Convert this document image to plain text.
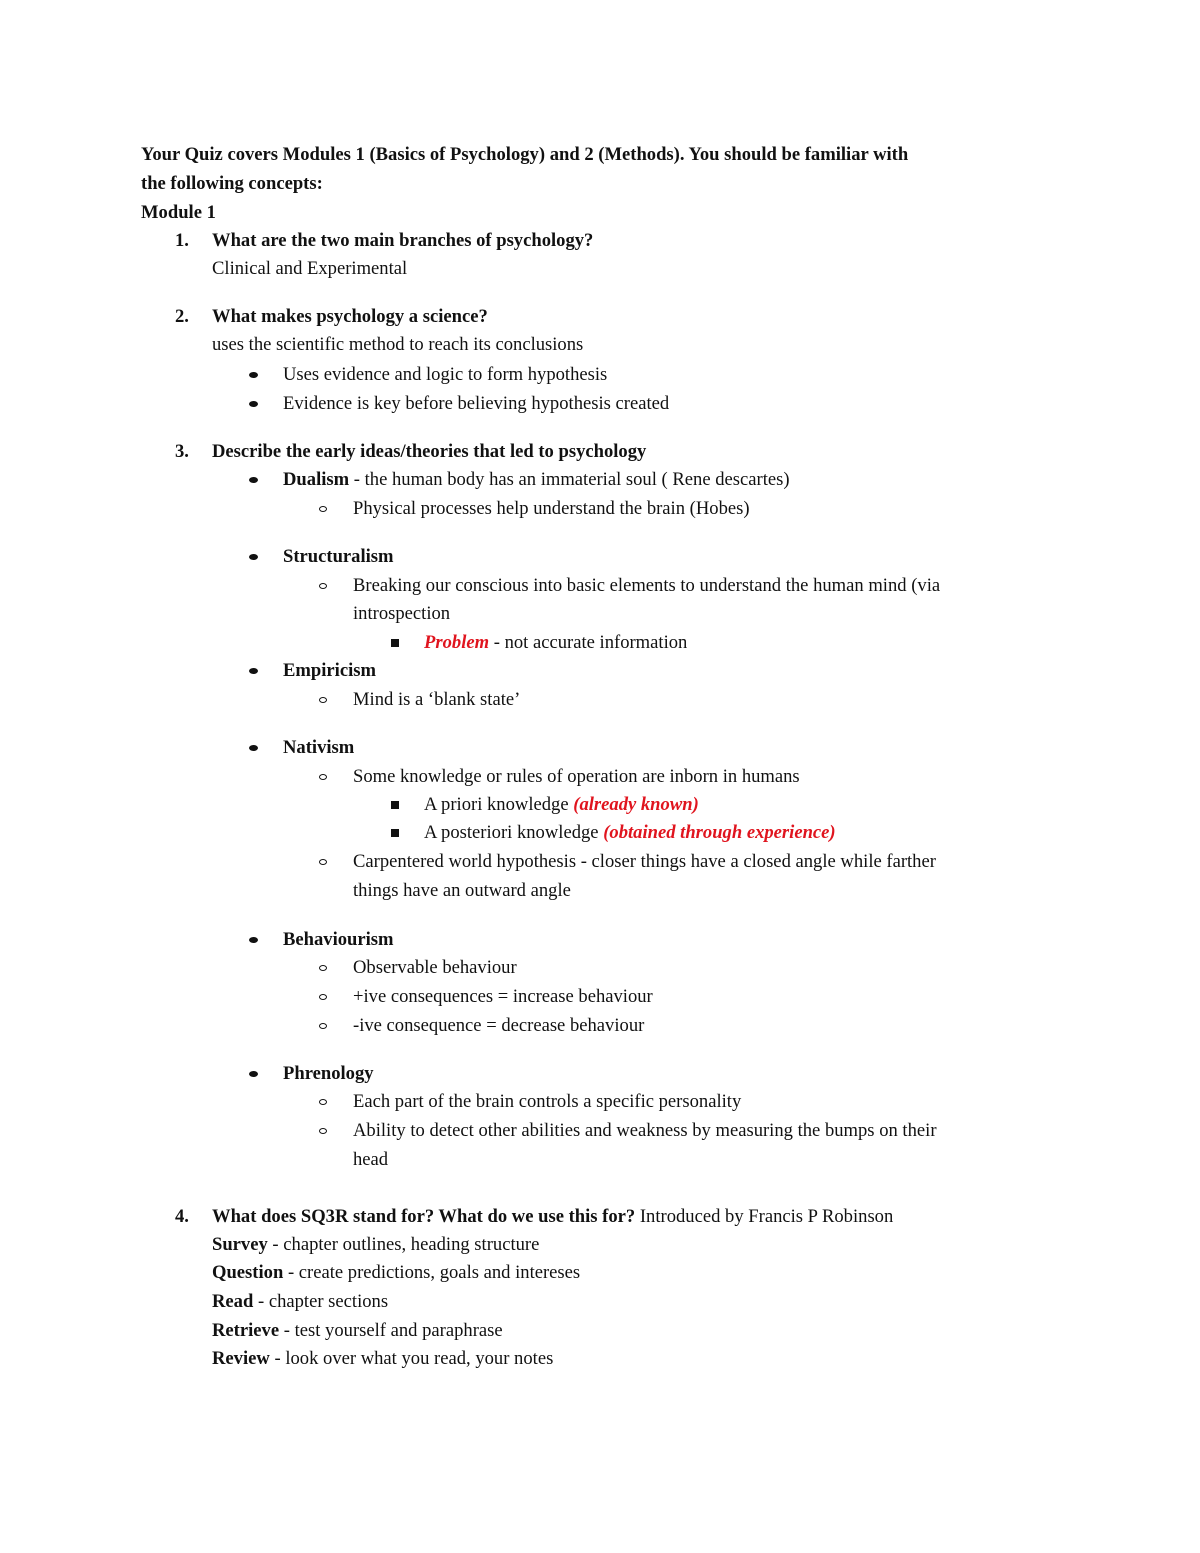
Your Quiz covers Modules 1 (Basics of Psychology) and 2 (Methods). You should be familiar with
the following concepts:
Module 1
1. What are the two main branches of psychology?
Clinical and Experimental
2. What makes psychology a science?
uses the scientific method to reach its conclusions
Uses evidence and logic to form hypothesis
Evidence is key before believing hypothesis created
3. Describe the early ideas/theories that led to psychology
Dualism - the human body has an immaterial soul ( Rene descartes)
Physical processes help understand the brain (Hobes)
Structuralism
Breaking our conscious into basic elements to understand the human mind (via
introspection
Problem - not accurate information
Empiricism
Mind is a ‘blank state’
Nativism
Some knowledge or rules of operation are inborn in humans
A priori knowledge (already known)
A posteriori knowledge (obtained through experience)
Carpentered world hypothesis - closer things have a closed angle while farther
things have an outward angle
Behaviourism
Observable behaviour
+ive consequences = increase behaviour
-ive consequence = decrease behaviour
Phrenology
Each part of the brain controls a specific personality
Ability to detect other abilities and weakness by measuring the bumps on their
head
4. What does SQ3R stand for? What do we use this for? Introduced by Francis P Robinson
Survey - chapter outlines, heading structure
Question - create predictions, goals and intereses
Read - chapter sections
Retrieve - test yourself and paraphrase
Review - look over what you read, your notes
